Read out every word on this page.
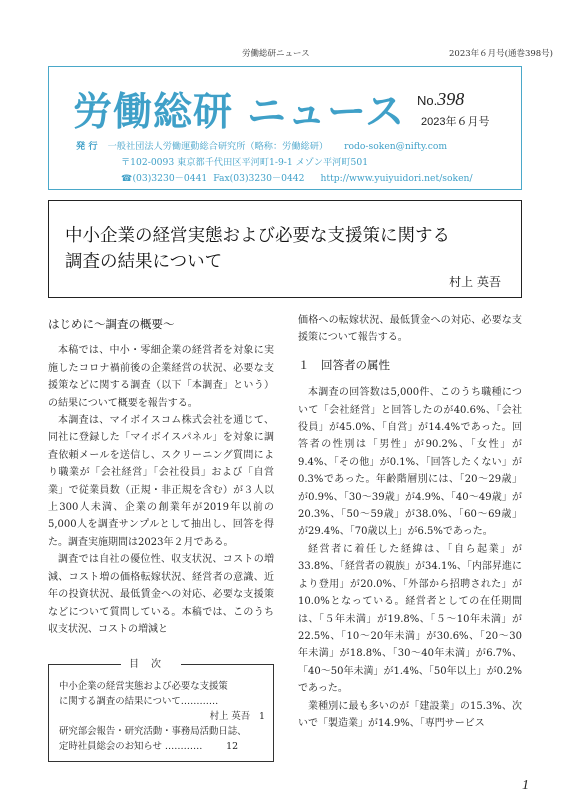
労働総研ニュース	2023年６月号(通巻398号)
労働総研 ニュース No.398
2023年６月号
発 行 一般社団法人労働運動総合研究所（略称：労働総研） rodo-soken@nifty.com
〒102-0093 東京都千代田区平河町1-9-1 メゾン平河町501
☎(03)3230－0441 Fax(03)3230－0442 http://www.yuiyuidori.net/soken/
中小企業の経営実態および必要な支援策に関する
調査の結果について
村上 英吾
はじめに～調査の概要～

本稿では、中小・零細企業の経営者を対象に実施したコロナ禍前後の企業経営の状況、必要な支援策などに関する調査（以下「本調査」という）の結果について概要を報告する。

本調査は、マイボイスコム株式会社を通じて、同社に登録した「マイボイスパネル」を対象に調査依頼メールを送信し、スクリーニング質問により職業が「会社経営」「会社役員」および「自営業」で従業員数（正規・非正規を含む）が３人以上300人未満、企業の創業年が2019年以前の5,000人を調査サンプルとして抽出し、回答を得た。調査実施期間は2023年２月である。

調査では自社の優位性、収支状況、コストの増減、コスト増の価格転嫁状況、経営者の意識、近年の投資状況、最低賃金への対応、必要な支援策などについて質問している。本稿では、このうち収支状況、コストの増減と

目次
中小企業の経営実態および必要な支援策
に関する調査の結果について…………
村上 英吾 1
研究部会報告・研究活動・事務局活動日誌、
定時社員総会のお知らせ …………	12

価格への転嫁状況、最低賃金への対応、必要な支援策について報告する。

１　回答者の属性

本調査の回答数は5,000件、このうち職種について「会社経営」と回答したのが40.6%、「会社役員」が45.0%、「自営」が14.4%であった。回答者の性別は「男性」が90.2%、「女性」が9.4%、「その他」が0.1%、「回答したくない」が0.3%であった。年齢階層別には、「20～29歳」が0.9%、「30～39歳」が4.9%、「40～49歳」が20.3%、「50～59歳」が38.0%、「60～69歳」が29.4%、「70歳以上」が6.5%であった。

経営者に着任した経緯は、「自ら起業」が33.8%、「経営者の親族」が34.1%、「内部昇進により登用」が20.0%、「外部から招聘された」が10.0%となっている。経営者としての在任期間は、「５年未満」が19.8%、「５～10年未満」が22.5%、「10～20年未満」が30.6%、「20～30年未満」が18.8%、「30～40年未満」が6.7%、「40～50年未満」が1.4%、「50年以上」が0.2%であった。

業種別に最も多いのが「建設業」の15.3%、次いで「製造業」が14.9%、「専門サービス

1
